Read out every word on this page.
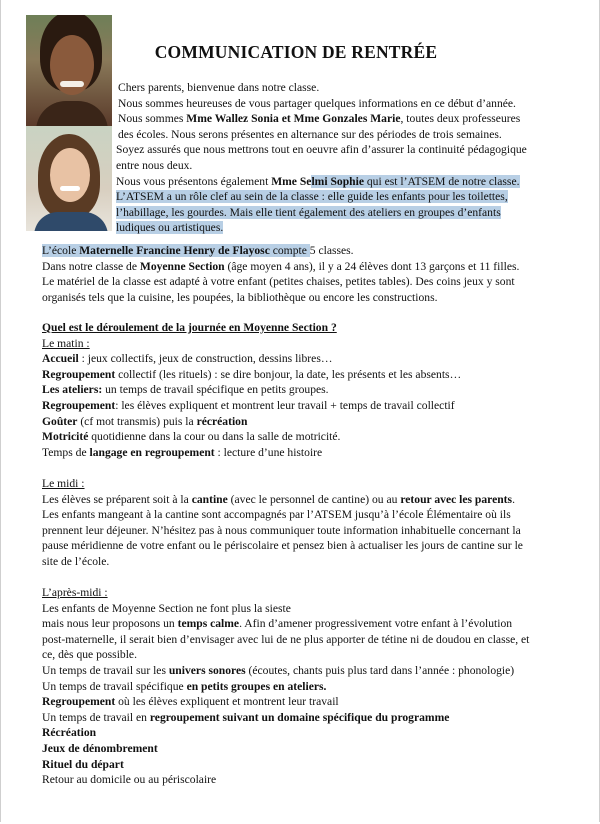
COMMUNICATION DE RENTRÉE
Chers parents, bienvenue dans notre classe.
Nous sommes heureuses de vous partager quelques informations en ce début d’année.
Nous sommes Mme Wallez Sonia et Mme Gonzales Marie, toutes deux professeures
des écoles. Nous serons présentes en alternance sur des périodes de trois semaines.
Soyez assurés que nous mettrons tout en oeuvre afin d’assurer la continuité pédagogique
entre nous deux.
Nous vous présentons également Mme Selmi Sophie qui est l’ATSEM de notre classe.
L’ATSEM a un rôle clef au sein de la classe : elle guide les enfants pour les toilettes,
l’habillage, les gourdes. Mais elle tient également des ateliers en groupes d’enfants
ludiques ou artistiques.
L’école Maternelle Francine Henry de Flayosc compte 5 classes.
Dans notre classe de Moyenne Section (âge moyen 4 ans), il y a 24 élèves dont 13 garçons et 11 filles.
Le matériel de la classe est adapté à votre enfant (petites chaises, petites tables). Des coins jeux y sont
organisés tels que la cuisine, les poupées, la bibliothèque ou encore les constructions.
Quel est le déroulement de la journée en Moyenne Section ?
Le matin :
Accueil : jeux collectifs, jeux de construction, dessins libres…
Regroupement collectif (les rituels) : se dire bonjour, la date, les présents et les absents…
Les ateliers: un temps de travail spécifique en petits groupes.
Regroupement: les élèves expliquent et montrent leur travail + temps de travail collectif
Goûter (cf mot transmis) puis la récréation
Motricité quotidienne dans la cour ou dans la salle de motricité.
Temps de langage en regroupement : lecture d’une histoire
Le midi :
Les élèves se préparent soit à la cantine (avec le personnel de cantine) ou au retour avec les parents.
Les enfants mangeant à la cantine sont accompagnés par l’ATSEM jusqu’à l’école Élémentaire où ils
prennent leur déjeuner. N’hésitez pas à nous communiquer toute information inhabituelle concernant la
pause méridienne de votre enfant ou le périscolaire et pensez bien à actualiser les jours de cantine sur le
site de l’école.
L’après-midi :
Les enfants de Moyenne Section ne font plus la sieste
mais nous leur proposons un temps calme. Afin d’amener progressivement votre enfant à l’évolution
post-maternelle, il serait bien d’envisager avec lui de ne plus apporter de tétine ni de doudou en classe, et
ce, dès que possible.
Un temps de travail sur les univers sonores (écoutes, chants puis plus tard dans l’année : phonologie)
Un temps de travail spécifique en petits groupes en ateliers.
Regroupement où les élèves expliquent et montrent leur travail
Un temps de travail en regroupement suivant un domaine spécifique du programme
Récréation
Jeux de dénombrement
Rituel du départ
Retour au domicile ou au périscolaire
